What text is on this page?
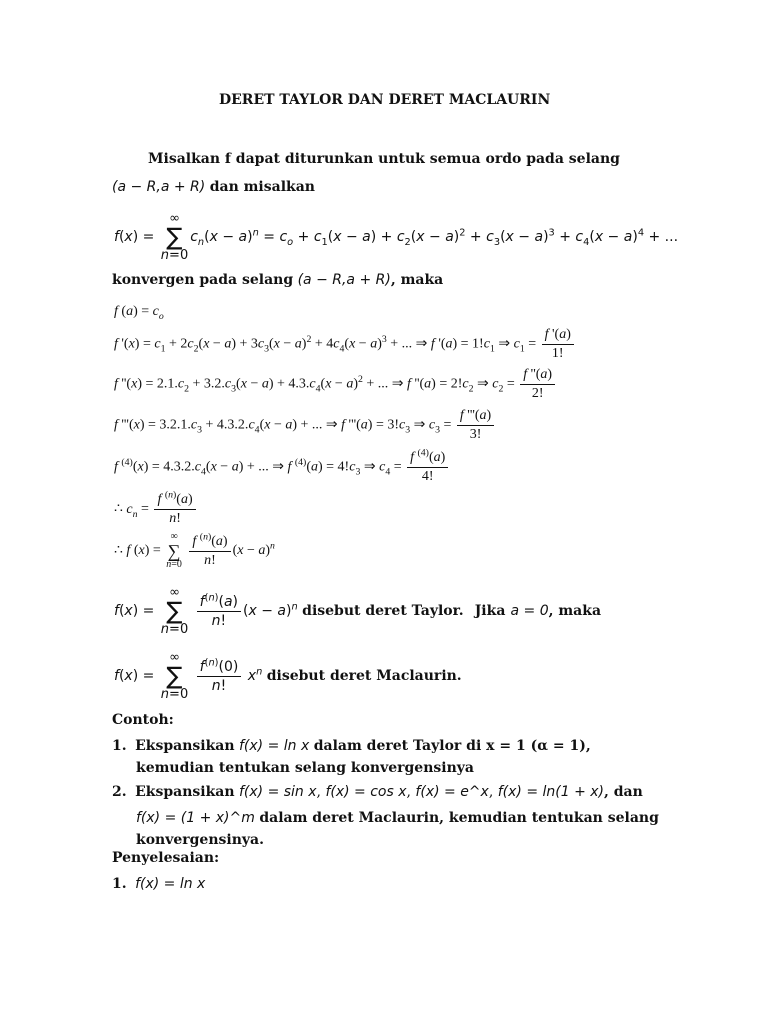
DERET TAYLOR DAN DERET MACLAURIN
Misalkan f dapat diturunkan untuk semua ordo pada selang
(a − R,a + R) dan misalkan
f(x) =
∞
∑
n=0
$c_n(x - a)^n = c_o + c_1(x - a) + c_2(x - a)^2 + c_3(x - a)^3 + c_4(x - a)^4$ + ...
konvergen pada selang (a − R,a + R), maka
f $(a) = c_o$
f '$(x) = c_1 + 2c_2(x - a) + 3c_3(x - a)^2 + 4c_4(x - a)^3$ + ... ⇒ f '$(a) = 1!c_1$ ⇒ $c_1 = \frac{f '(a)}{1!}$
f ''$(x) = 2.1.c_2 + 3.2.c_3(x - a) + 4.3.c_4(x - a)^2$ + ... ⇒ f ''$(a) = 2!c_2$ ⇒ $c_2 = \frac{f ''(a)}{2!}$
f '''$(x) = 3.2.1.c_3 + 4.3.2.c_4(x - a)$ + ... ⇒ f '''$(a) = 3!c_3$ ⇒ $c_3 = \frac{f '''(a)}{3!}$
f $^{(4)}(x) = 4.3.2.c_4(x - a)$ + ... ⇒ f $^{(4)}(a) = 4!c_3$ ⇒ $c_4 = \frac{f ^{(4)}(a)}{4!}$
∴ $c_n = \frac{f ^{(n)}(a)}{n!}$
∴ f (x) =
∞
∑
n=0
$\frac{f ^{(n)}(a)}{n!} (x - a)^n$
f(x) =
∞
∑
n=0

$\frac{f^{(n)}(a)}{n!} (x - a)^n$ disebut deret Taylor. Jika a = 0, maka
f(x) =
∞
∑
n=0

$\frac{f^{(n)}(0)}{n!} x^n$ disebut deret Maclaurin.
Contoh:
1. Ekspansikan f(x) = ln x dalam deret Taylor di x = 1 (α = 1),
kemudian tentukan selang konvergensinya
2. Ekspansikan f(x) = sin x, f(x) = cos x, f(x) = e^x, f(x) = ln(1 + x), dan
f(x) = (1 + x)^m dalam deret Maclaurin, kemudian tentukan selang
konvergensinya.
Penyelesaian:
1. f(x) = ln x
